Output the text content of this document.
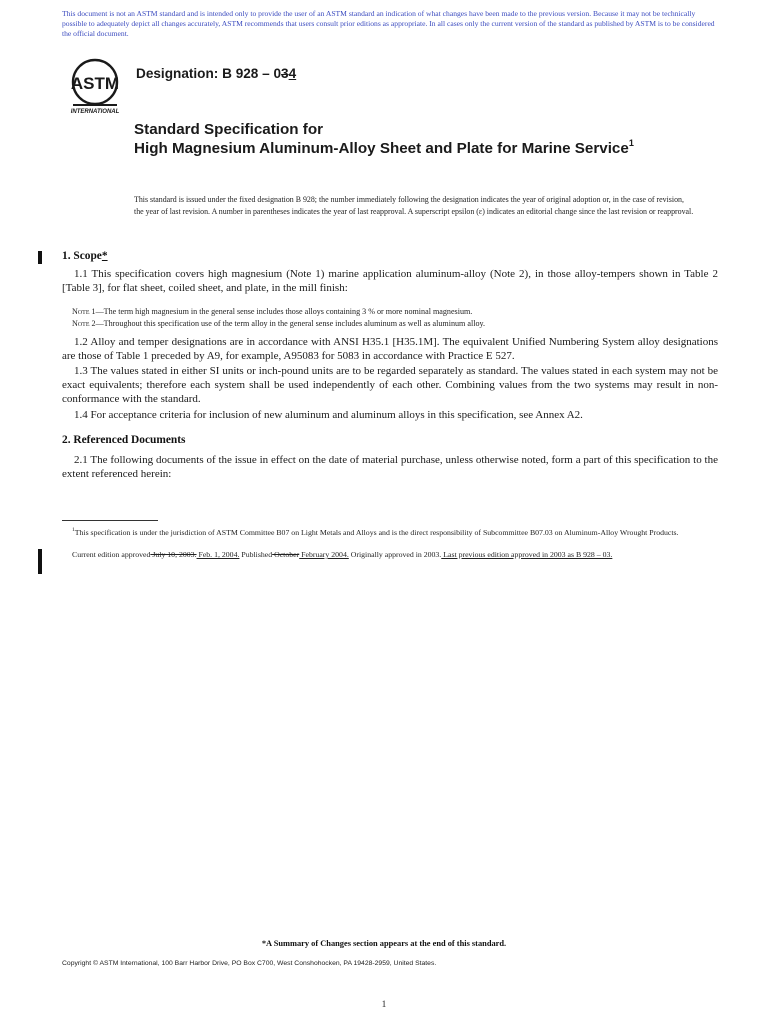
This document is not an ASTM standard and is intended only to provide the user of an ASTM standard an indication of what changes have been made to the previous version. Because it may not be technically possible to adequately depict all changes accurately, ASTM recommends that users consult prior editions as appropriate. In all cases only the current version of the standard as published by ASTM is to be considered the official document.
ASTM
INTERNATIONAL
Designation: B 928 – 034
Standard Specification for
High Magnesium Aluminum-Alloy Sheet and Plate for Marine Service$^1$
This standard is issued under the fixed designation B 928; the number immediately following the designation indicates the year of original adoption or, in the case of revision, the year of last revision. A number in parentheses indicates the year of last reapproval. A superscript epsilon (ε) indicates an editorial change since the last revision or reapproval.
1. Scope*
1.1 This specification covers high magnesium (Note 1) marine application aluminum-alloy (Note 2), in those alloy-tempers shown in Table 2 [Table 3], for flat sheet, coiled sheet, and plate, in the mill finish:
Note 1—The term high magnesium in the general sense includes those alloys containing 3 % or more nominal magnesium.
Note 2—Throughout this specification use of the term alloy in the general sense includes aluminum as well as aluminum alloy.
1.2 Alloy and temper designations are in accordance with ANSI H35.1 [H35.1M]. The equivalent Unified Numbering System alloy designations are those of Table 1 preceded by A9, for example, A95083 for 5083 in accordance with Practice E 527.
1.3 The values stated in either SI units or inch-pound units are to be regarded separately as standard. The values stated in each system may not be exact equivalents; therefore each system shall be used independently of each other. Combining values from the two systems may result in non-conformance with the standard.
1.4 For acceptance criteria for inclusion of new aluminum and aluminum alloys in this specification, see Annex A2.
2. Referenced Documents
2.1 The following documents of the issue in effect on the date of material purchase, unless otherwise noted, form a part of this specification to the extent referenced herein:
$^1$This specification is under the jurisdiction of ASTM Committee B07 on Light Metals and Alloys and is the direct responsibility of Subcommittee B07.03 on Aluminum-Alloy Wrought Products.
Current edition approved July 10, 2003. Feb. 1, 2004. Published October February 2004. Originally approved in 2003. Last previous edition approved in 2003 as B 928 – 03.
*A Summary of Changes section appears at the end of this standard.
Copyright © ASTM International, 100 Barr Harbor Drive, PO Box C700, West Conshohocken, PA 19428-2959, United States.
1
